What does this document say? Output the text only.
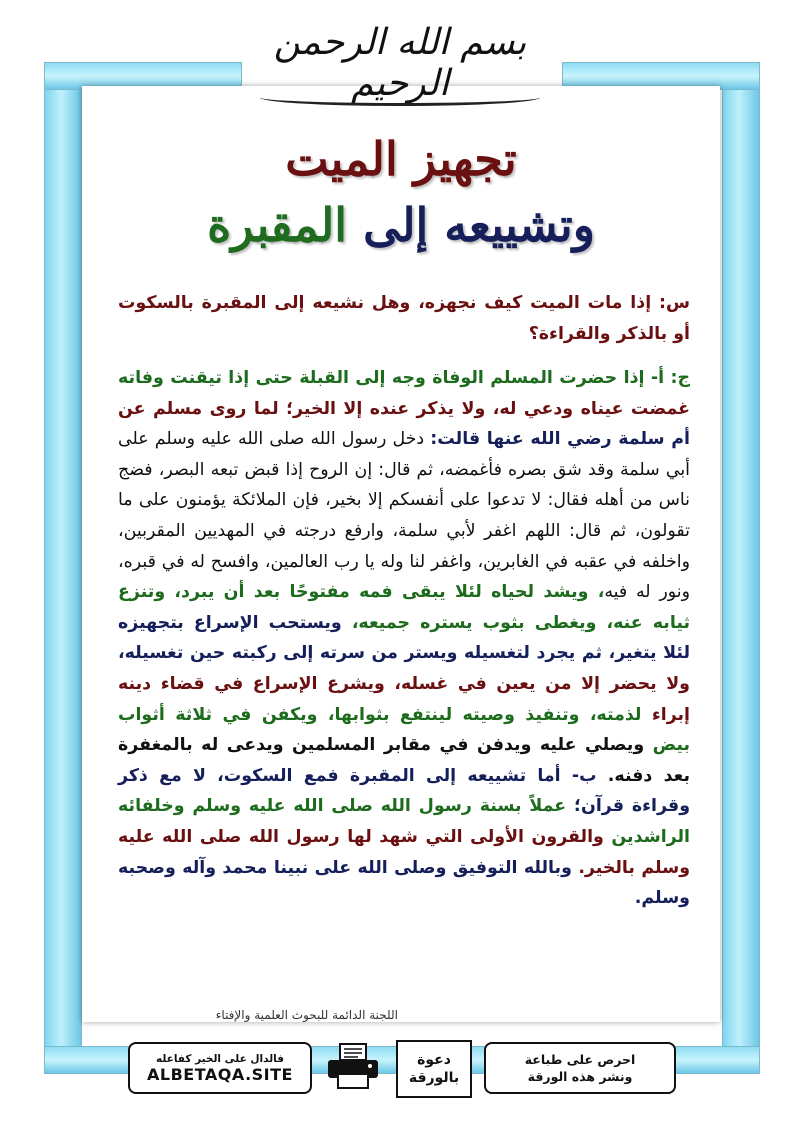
بسم الله الرحمن الرحيم
تجهيز الميت
وتشييعه إلى المقبرة
س: إذا مات الميت كيف نجهزه، وهل نشيعه إلى المقبرة بالسكوت أو بالذكر والقراءة؟
ج: أ- إذا حضرت المسلم الوفاة وجه إلى القبلة حتى إذا تيقنت وفاته غمضت عيناه ودعي له، ولا يذكر عنده إلا الخير؛ لما روى مسلم عن أم سلمة رضي الله عنها قالت: دخل رسول الله صلى الله عليه وسلم على أبي سلمة وقد شق بصره فأغمضه، ثم قال: إن الروح إذا قبض تبعه البصر، فضج ناس من أهله فقال: لا تدعوا على أنفسكم إلا بخير، فإن الملائكة يؤمنون على ما تقولون، ثم قال: اللهم اغفر لأبي سلمة، وارفع درجته في المهديين المقربين، واخلفه في عقبه في الغابرين، واغفر لنا وله يا رب العالمين، وافسح له في قبره، ونور له فيه، ويشد لحياه لئلا يبقى فمه مفتوحًا بعد أن يبرد، وتنزع ثيابه عنه، ويغطى بثوب يستره جميعه، ويستحب الإسراع بتجهيزه لئلا يتغير، ثم يجرد لتغسيله ويستر من سرته إلى ركبته حين تغسيله، ولا يحضر إلا من يعين في غسله، ويشرع الإسراع في قضاء دينه إبراء لذمته، وتنفيذ وصيته لينتفع بثوابها، ويكفن في ثلاثة أثواب بيض ويصلي عليه ويدفن في مقابر المسلمين ويدعى له بالمغفرة بعد دفنه. ب- أما تشييعه إلى المقبرة فمع السكوت، لا مع ذكر وقراءة قرآن؛ عملاً بسنة رسول الله صلى الله عليه وسلم وخلفائه الراشدين والقرون الأولى التي شهد لها رسول الله صلى الله عليه وسلم بالخير. وبالله التوفيق وصلى الله على نبينا محمد وآله وصحبه وسلم.
اللجنة الدائمة للبحوث العلمية والإفتاء
فالدال على الخير كفاعله
ALBETAQA.SITE
دعوة
بالورقة
احرص على طباعة
ونشر هذه الورقة
